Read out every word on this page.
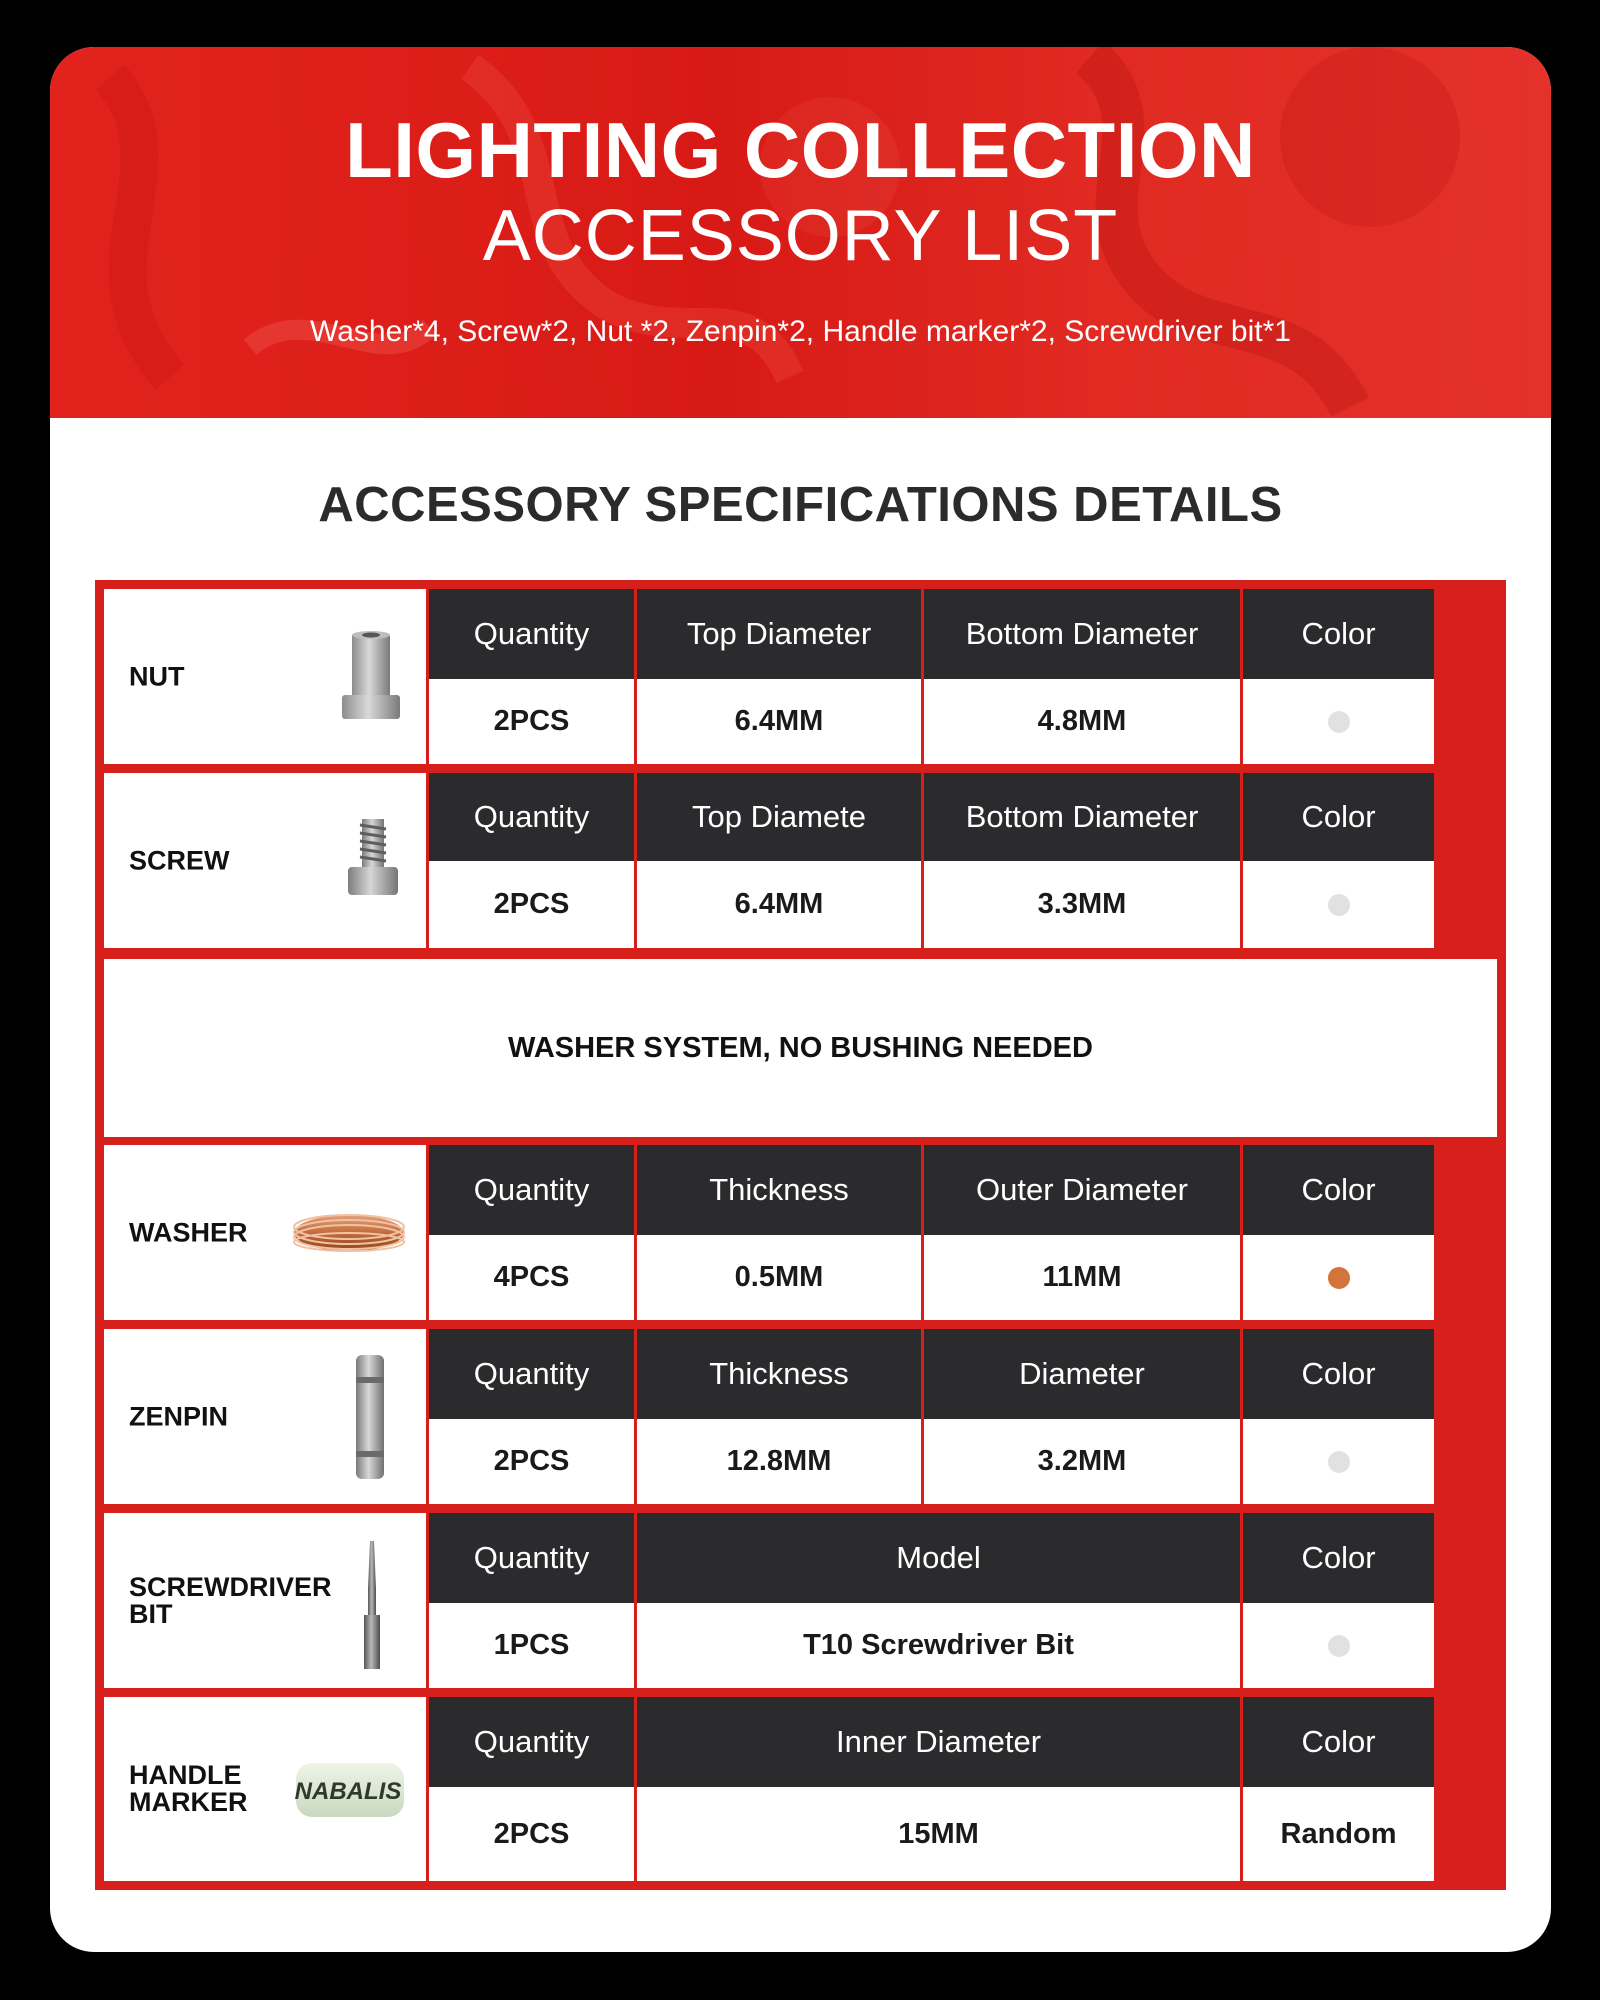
LIGHTING COLLECTION
ACCESSORY LIST
Washer*4, Screw*2, Nut *2, Zenpin*2, Handle marker*2, Screwdriver bit*1
ACCESSORY SPECIFICATIONS DETAILS
NUT
Quantity	Top Diameter	Bottom Diameter	Color
2PCS	6.4MM	4.8MM
SCREW
Quantity	Top Diamete	Bottom Diameter	Color
2PCS	6.4MM	3.3MM
WASHER SYSTEM, NO BUSHING NEEDED
WASHER
Quantity	Thickness	Outer Diameter	Color
4PCS	0.5MM	11MM
ZENPIN
Quantity	Thickness	Diameter	Color
2PCS	12.8MM	3.2MM
SCREWDRIVER
BIT
Quantity	Model	Color
1PCS	T10 Screwdriver Bit
HANDLE
MARKER NABALIS
Quantity	Inner Diameter	Color
2PCS	15MM	Random
